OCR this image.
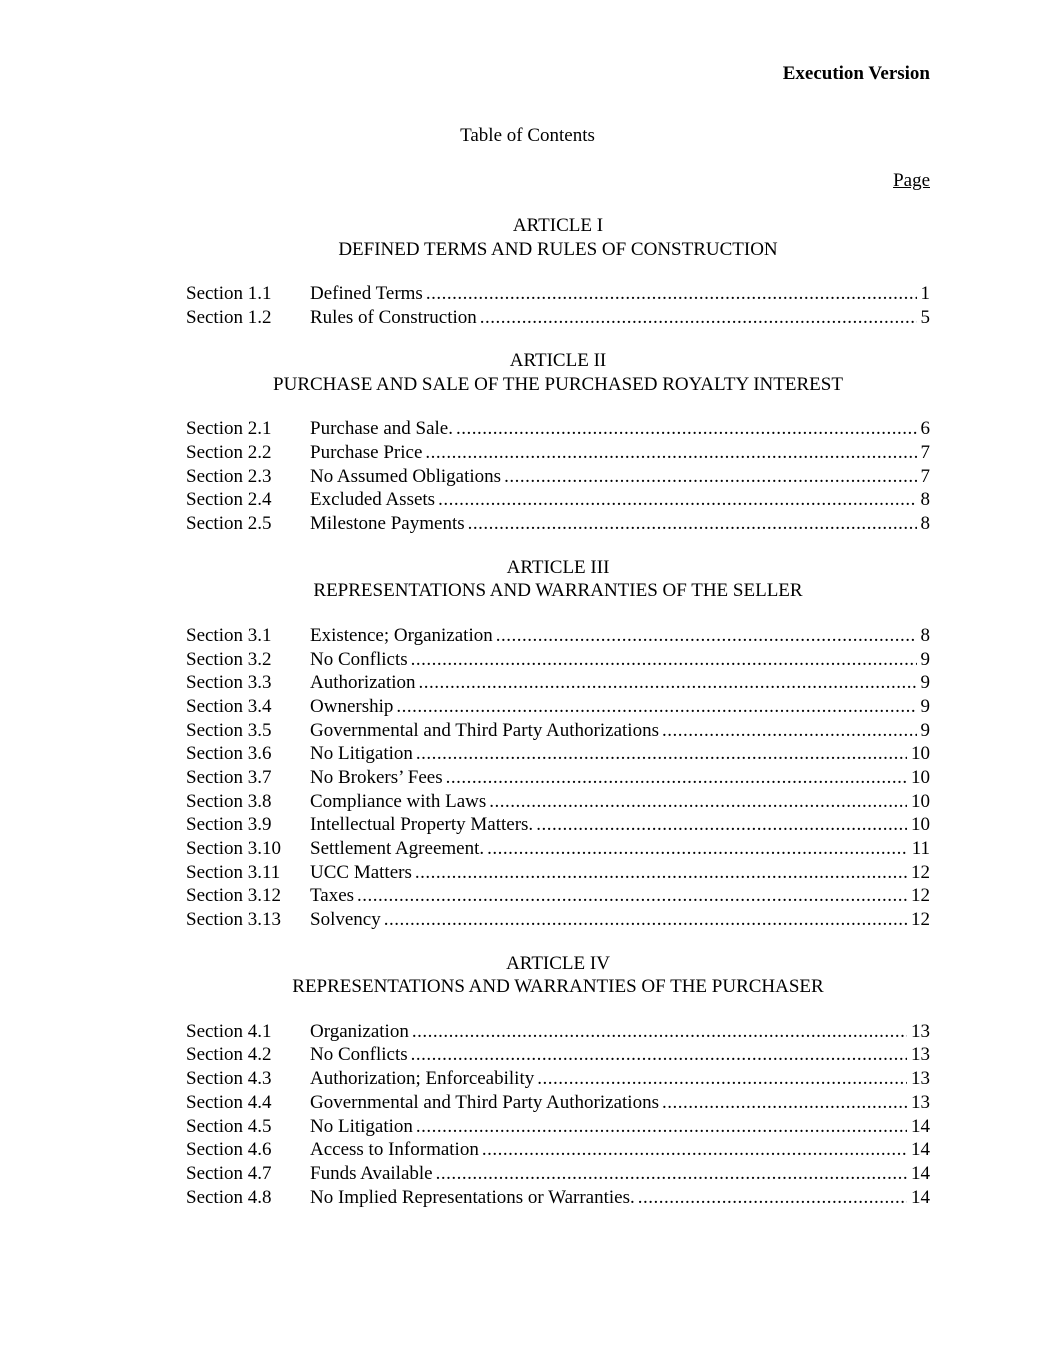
Execution Version
Table of Contents
Page
ARTICLE I
DEFINED TERMS AND RULES OF CONSTRUCTION
Section 1.1	Defined Terms .....	1
Section 1.2	Rules of Construction .....	5
ARTICLE II
PURCHASE AND SALE OF THE PURCHASED ROYALTY INTEREST
Section 2.1	Purchase and Sale. .....	6
Section 2.2	Purchase Price .....	7
Section 2.3	No Assumed Obligations .....	7
Section 2.4	Excluded Assets .....	8
Section 2.5	Milestone Payments .....	8
ARTICLE III
REPRESENTATIONS AND WARRANTIES OF THE SELLER
Section 3.1	Existence; Organization .....	8
Section 3.2	No Conflicts .....	9
Section 3.3	Authorization .....	9
Section 3.4	Ownership .....	9
Section 3.5	Governmental and Third Party Authorizations .....	9
Section 3.6	No Litigation .....	10
Section 3.7	No Brokers’ Fees .....	10
Section 3.8	Compliance with Laws .....	10
Section 3.9	Intellectual Property Matters. .....	10
Section 3.10	Settlement Agreement. .....	11
Section 3.11	UCC Matters .....	12
Section 3.12	Taxes .....	12
Section 3.13	Solvency .....	12
ARTICLE IV
REPRESENTATIONS AND WARRANTIES OF THE PURCHASER
Section 4.1	Organization .....	13
Section 4.2	No Conflicts .....	13
Section 4.3	Authorization; Enforceability .....	13
Section 4.4	Governmental and Third Party Authorizations .....	13
Section 4.5	No Litigation .....	14
Section 4.6	Access to Information .....	14
Section 4.7	Funds Available .....	14
Section 4.8	No Implied Representations or Warranties. .....	14
